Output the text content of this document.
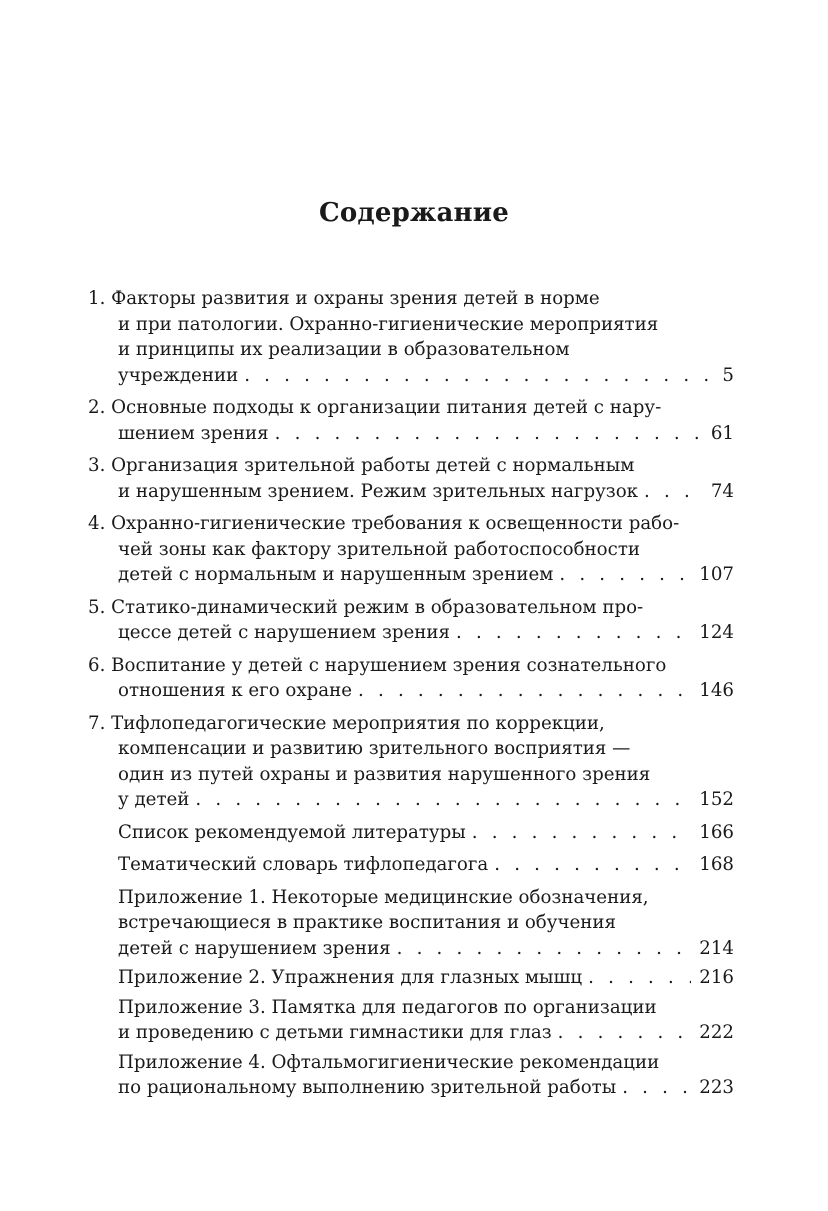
Содержание
1. Факторы развития и охраны зрения детей в норме
и при патологии. Охранно-гигиенические мероприятия
и принципы их реализации в образовательном
учреждении . . .	5
2. Основные подходы к организации питания детей с нару-
шением зрения . . .	61
3. Организация зрительной работы детей с нормальным
и нарушенным зрением. Режим зрительных нагрузок . . .	74
4. Охранно-гигиенические требования к освещенности рабо-
чей зоны как фактору зрительной работоспособности
детей с нормальным и нарушенным зрением . . .	107
5. Статико-динамический режим в образовательном про-
цессе детей с нарушением зрения . . .	124
6. Воспитание у детей с нарушением зрения сознательного
отношения к его охране . . .	146
7. Тифлопедагогические мероприятия по коррекции,
компенсации и развитию зрительного восприятия —
один из путей охраны и развития нарушенного зрения
у детей . . .	152
Список рекомендуемой литературы . . .	166
Тематический словарь тифлопедагога . . .	168
Приложение 1. Некоторые медицинские обозначения,
встречающиеся в практике воспитания и обучения
детей с нарушением зрения . . .	214
Приложение 2. Упражнения для глазных мышц . . .	216
Приложение 3. Памятка для педагогов по организации
и проведению с детьми гимнастики для глаз . . .	222
Приложение 4. Офтальмогигиенические рекомендации
по рациональному выполнению зрительной работы . . .	223
